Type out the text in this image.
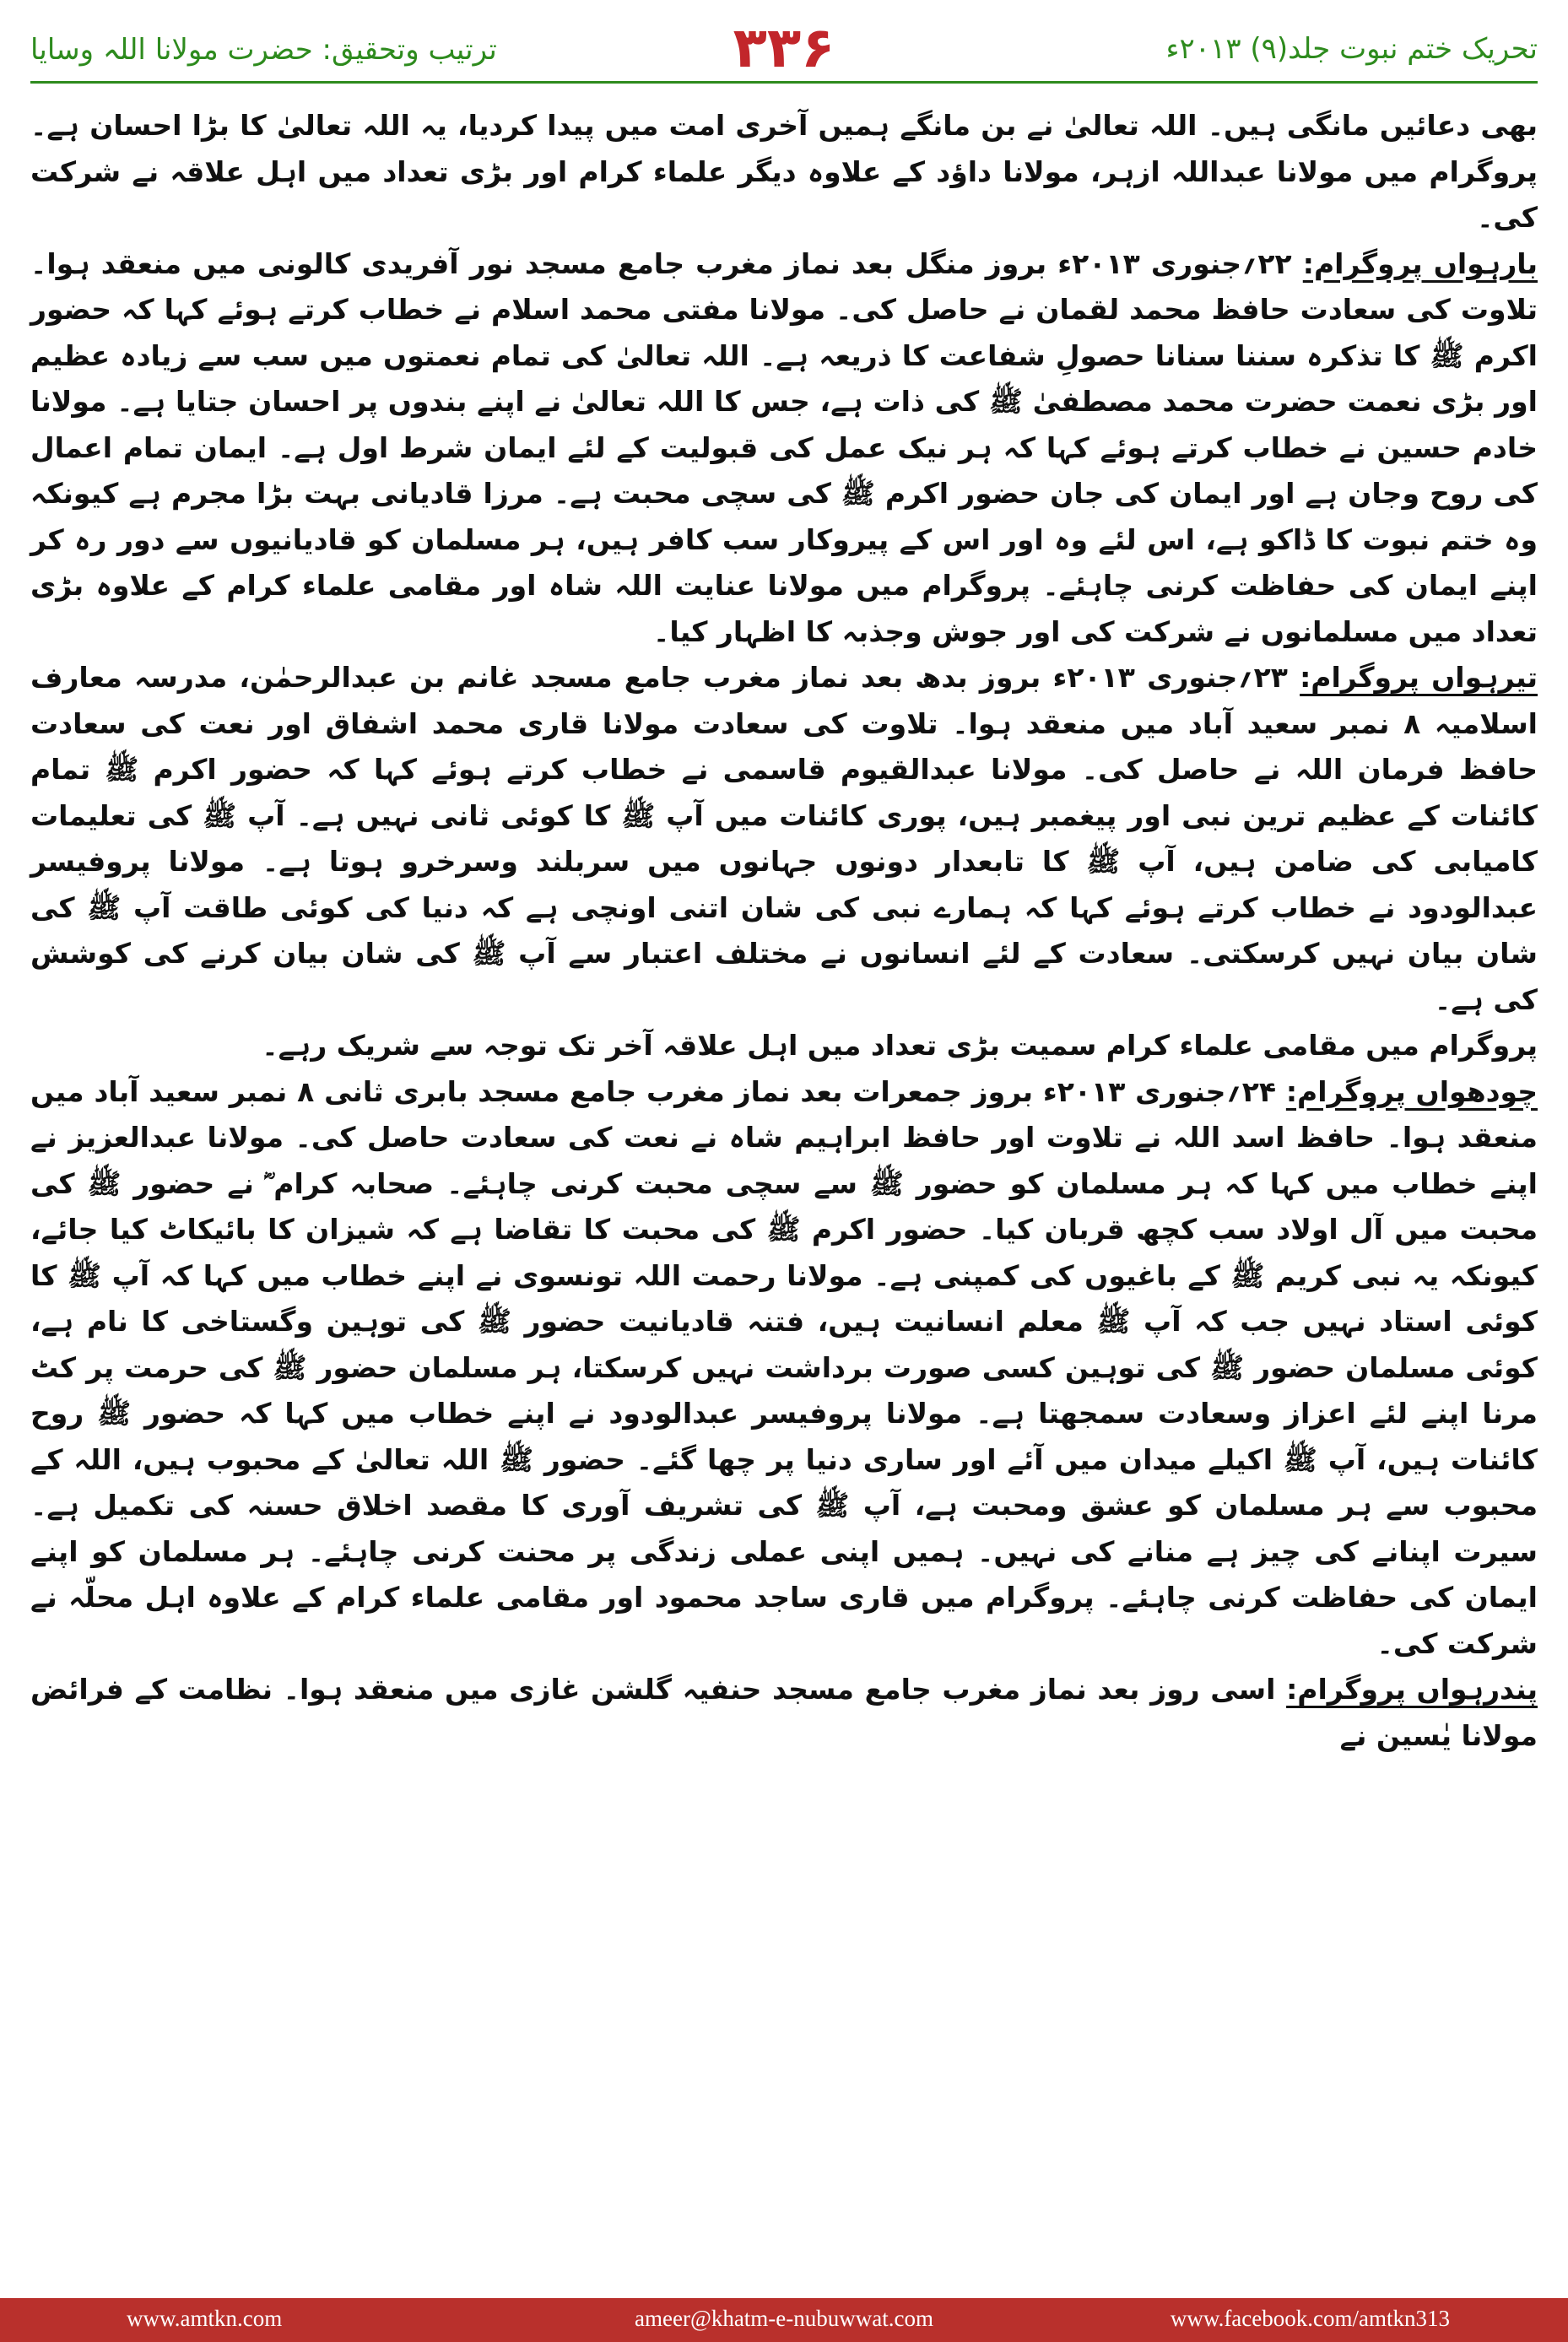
تحریک ختم نبوت جلد(۹) ۲۰۱۳ء
۳۳۶
ترتیب وتحقیق: حضرت مولانا اللہ وسایا

بھی دعائیں مانگی ہیں۔ اللہ تعالیٰ نے بن مانگے ہمیں آخری امت میں پیدا کردیا، یہ اللہ تعالیٰ کا بڑا احسان ہے۔ پروگرام میں مولانا عبداللہ ازہر، مولانا داؤد کے علاوہ دیگر علماء کرام اور بڑی تعداد میں اہل علاقہ نے شرکت کی۔

بارہواں پروگرام: ۲۲؍جنوری ۲۰۱۳ء بروز منگل بعد نماز مغرب جامع مسجد نور آفریدی کالونی میں منعقد ہوا۔ تلاوت کی سعادت حافظ محمد لقمان نے حاصل کی۔ مولانا مفتی محمد اسلام نے خطاب کرتے ہوئے کہا کہ حضور اکرم ﷺ کا تذکرہ سننا سنانا حصولِ شفاعت کا ذریعہ ہے۔ اللہ تعالیٰ کی تمام نعمتوں میں سب سے زیادہ عظیم اور بڑی نعمت حضرت محمد مصطفیٰ ﷺ کی ذات ہے، جس کا اللہ تعالیٰ نے اپنے بندوں پر احسان جتایا ہے۔ مولانا خادم حسین نے خطاب کرتے ہوئے کہا کہ ہر نیک عمل کی قبولیت کے لئے ایمان شرط اول ہے۔ ایمان تمام اعمال کی روح وجان ہے اور ایمان کی جان حضور اکرم ﷺ کی سچی محبت ہے۔ مرزا قادیانی بہت بڑا مجرم ہے کیونکہ وہ ختم نبوت کا ڈاکو ہے، اس لئے وہ اور اس کے پیروکار سب کافر ہیں، ہر مسلمان کو قادیانیوں سے دور رہ کر اپنے ایمان کی حفاظت کرنی چاہئے۔ پروگرام میں مولانا عنایت اللہ شاہ اور مقامی علماء کرام کے علاوہ بڑی تعداد میں مسلمانوں نے شرکت کی اور جوش وجذبہ کا اظہار کیا۔

تیرہواں پروگرام: ۲۳؍جنوری ۲۰۱۳ء بروز بدھ بعد نماز مغرب جامع مسجد غانم بن عبدالرحمٰن، مدرسہ معارف اسلامیہ ۸ نمبر سعید آباد میں منعقد ہوا۔ تلاوت کی سعادت مولانا قاری محمد اشفاق اور نعت کی سعادت حافظ فرمان اللہ نے حاصل کی۔ مولانا عبدالقیوم قاسمی نے خطاب کرتے ہوئے کہا کہ حضور اکرم ﷺ تمام کائنات کے عظیم ترین نبی اور پیغمبر ہیں، پوری کائنات میں آپ ﷺ کا کوئی ثانی نہیں ہے۔ آپ ﷺ کی تعلیمات کامیابی کی ضامن ہیں، آپ ﷺ کا تابعدار دونوں جہانوں میں سربلند وسرخرو ہوتا ہے۔ مولانا پروفیسر عبدالودود نے خطاب کرتے ہوئے کہا کہ ہمارے نبی کی شان اتنی اونچی ہے کہ دنیا کی کوئی طاقت آپ ﷺ کی شان بیان نہیں کرسکتی۔ سعادت کے لئے انسانوں نے مختلف اعتبار سے آپ ﷺ کی شان بیان کرنے کی کوشش کی ہے۔

پروگرام میں مقامی علماء کرام سمیت بڑی تعداد میں اہل علاقہ آخر تک توجہ سے شریک رہے۔

چودھواں پروگرام: ۲۴؍جنوری ۲۰۱۳ء بروز جمعرات بعد نماز مغرب جامع مسجد بابری ثانی ۸ نمبر سعید آباد میں منعقد ہوا۔ حافظ اسد اللہ نے تلاوت اور حافظ ابراہیم شاہ نے نعت کی سعادت حاصل کی۔ مولانا عبدالعزیز نے اپنے خطاب میں کہا کہ ہر مسلمان کو حضور ﷺ سے سچی محبت کرنی چاہئے۔ صحابہ کرام ؓ نے حضور ﷺ کی محبت میں آل اولاد سب کچھ قربان کیا۔ حضور اکرم ﷺ کی محبت کا تقاضا ہے کہ شیزان کا بائیکاٹ کیا جائے، کیونکہ یہ نبی کریم ﷺ کے باغیوں کی کمپنی ہے۔ مولانا رحمت اللہ تونسوی نے اپنے خطاب میں کہا کہ آپ ﷺ کا کوئی استاد نہیں جب کہ آپ ﷺ معلم انسانیت ہیں، فتنہ قادیانیت حضور ﷺ کی توہین وگستاخی کا نام ہے، کوئی مسلمان حضور ﷺ کی توہین کسی صورت برداشت نہیں کرسکتا، ہر مسلمان حضور ﷺ کی حرمت پر کٹ مرنا اپنے لئے اعزاز وسعادت سمجھتا ہے۔ مولانا پروفیسر عبدالودود نے اپنے خطاب میں کہا کہ حضور ﷺ روح کائنات ہیں، آپ ﷺ اکیلے میدان میں آئے اور ساری دنیا پر چھا گئے۔ حضور ﷺ اللہ تعالیٰ کے محبوب ہیں، اللہ کے محبوب سے ہر مسلمان کو عشق ومحبت ہے، آپ ﷺ کی تشریف آوری کا مقصد اخلاق حسنہ کی تکمیل ہے۔ سیرت اپنانے کی چیز ہے منانے کی نہیں۔ ہمیں اپنی عملی زندگی پر محنت کرنی چاہئے۔ ہر مسلمان کو اپنے ایمان کی حفاظت کرنی چاہئے۔ پروگرام میں قاری ساجد محمود اور مقامی علماء کرام کے علاوہ اہل محلّہ نے شرکت کی۔

پندرہواں پروگرام: اسی روز بعد نماز مغرب جامع مسجد حنفیہ گلشن غازی میں منعقد ہوا۔ نظامت کے فرائض مولانا یٰسین نے

www.amtkn.com	ameer@khatm-e-nubuwwat.com	www.facebook.com/amtkn313
